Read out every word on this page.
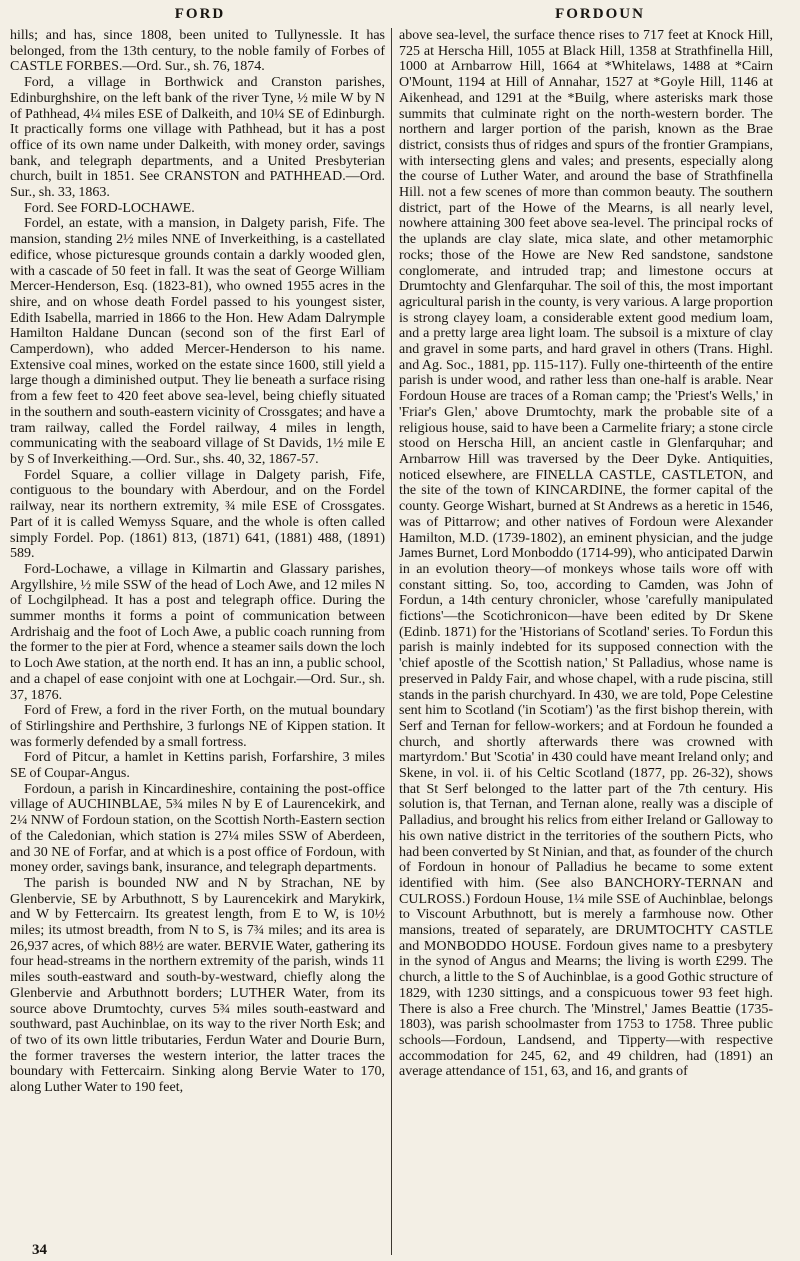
FORD	FORDOUN

hills; and has, since 1808, been united to Tullynessle. It has belonged, from the 13th century, to the noble family of Forbes of CASTLE FORBES.—Ord. Sur., sh. 76, 1874.

Ford, a village in Borthwick and Cranston parishes, Edinburghshire, on the left bank of the river Tyne, ½ mile W by N of Pathhead, 4¼ miles ESE of Dalkeith, and 10¼ SE of Edinburgh. It practically forms one village with Pathhead, but it has a post office of its own name under Dalkeith, with money order, savings bank, and telegraph departments, and a United Presbyterian church, built in 1851. See CRANSTON and PATHHEAD.—Ord. Sur., sh. 33, 1863.

Ford. See FORD-LOCHAWE.

Fordel, an estate, with a mansion, in Dalgety parish, Fife. The mansion, standing 2½ miles NNE of Inverkeithing, is a castellated edifice, whose picturesque grounds contain a darkly wooded glen, with a cascade of 50 feet in fall. It was the seat of George William Mercer-Henderson, Esq. (1823-81), who owned 1955 acres in the shire, and on whose death Fordel passed to his youngest sister, Edith Isabella, married in 1866 to the Hon. Hew Adam Dalrymple Hamilton Haldane Duncan (second son of the first Earl of Camperdown), who added Mercer-Henderson to his name. Extensive coal mines, worked on the estate since 1600, still yield a large though a diminished output. They lie beneath a surface rising from a few feet to 420 feet above sea-level, being chiefly situated in the southern and south-eastern vicinity of Crossgates; and have a tram railway, called the Fordel railway, 4 miles in length, communicating with the seaboard village of St Davids, 1½ mile E by S of Inverkeithing.—Ord. Sur., shs. 40, 32, 1867-57.

Fordel Square, a collier village in Dalgety parish, Fife, contiguous to the boundary with Aberdour, and on the Fordel railway, near its northern extremity, ¾ mile ESE of Crossgates. Part of it is called Wemyss Square, and the whole is often called simply Fordel. Pop. (1861) 813, (1871) 641, (1881) 488, (1891) 589.

Ford-Lochawe, a village in Kilmartin and Glassary parishes, Argyllshire, ½ mile SSW of the head of Loch Awe, and 12 miles N of Lochgilphead. It has a post and telegraph office. During the summer months it forms a point of communication between Ardrishaig and the foot of Loch Awe, a public coach running from the former to the pier at Ford, whence a steamer sails down the loch to Loch Awe station, at the north end. It has an inn, a public school, and a chapel of ease conjoint with one at Lochgair.—Ord. Sur., sh. 37, 1876.

Ford of Frew, a ford in the river Forth, on the mutual boundary of Stirlingshire and Perthshire, 3 furlongs NE of Kippen station. It was formerly defended by a small fortress.

Ford of Pitcur, a hamlet in Kettins parish, Forfarshire, 3 miles SE of Coupar-Angus.

Fordoun, a parish in Kincardineshire, containing the post-office village of AUCHINBLAE, 5¾ miles N by E of Laurencekirk, and 2¼ NNW of Fordoun station, on the Scottish North-Eastern section of the Caledonian, which station is 27¼ miles SSW of Aberdeen, and 30 NE of Forfar, and at which is a post office of Fordoun, with money order, savings bank, insurance, and telegraph departments.

The parish is bounded NW and N by Strachan, NE by Glenbervie, SE by Arbuthnott, S by Laurencekirk and Marykirk, and W by Fettercairn. Its greatest length, from E to W, is 10½ miles; its utmost breadth, from N to S, is 7¾ miles; and its area is 26,937 acres, of which 88½ are water. BERVIE Water, gathering its four head-streams in the northern extremity of the parish, winds 11 miles south-eastward and south-by-westward, chiefly along the Glenbervie and Arbuthnott borders; LUTHER Water, from its source above Drumtochty, curves 5¾ miles south-eastward and southward, past Auchinblae, on its way to the river North Esk; and of two of its own little tributaries, Ferdun Water and Dourie Burn, the former traverses the western interior, the latter traces the boundary with Fettercairn. Sinking along Bervie Water to 170, along Luther Water to 190 feet,

above sea-level, the surface thence rises to 717 feet at Knock Hill, 725 at Herscha Hill, 1055 at Black Hill, 1358 at Strathfinella Hill, 1000 at Arnbarrow Hill, 1664 at *Whitelaws, 1488 at *Cairn O'Mount, 1194 at Hill of Annahar, 1527 at *Goyle Hill, 1146 at Aikenhead, and 1291 at the *Builg, where asterisks mark those summits that culminate right on the north-western border. The northern and larger portion of the parish, known as the Brae district, consists thus of ridges and spurs of the frontier Grampians, with intersecting glens and vales; and presents, especially along the course of Luther Water, and around the base of Strathfinella Hill. not a few scenes of more than common beauty. The southern district, part of the Howe of the Mearns, is all nearly level, nowhere attaining 300 feet above sea-level. The principal rocks of the uplands are clay slate, mica slate, and other metamorphic rocks; those of the Howe are New Red sandstone, sandstone conglomerate, and intruded trap; and limestone occurs at Drumtochty and Glenfarquhar. The soil of this, the most important agricultural parish in the county, is very various. A large proportion is strong clayey loam, a considerable extent good medium loam, and a pretty large area light loam. The subsoil is a mixture of clay and gravel in some parts, and hard gravel in others (Trans. Highl. and Ag. Soc., 1881, pp. 115-117). Fully one-thirteenth of the entire parish is under wood, and rather less than one-half is arable. Near Fordoun House are traces of a Roman camp; the 'Priest's Wells,' in 'Friar's Glen,' above Drumtochty, mark the probable site of a religious house, said to have been a Carmelite friary; a stone circle stood on Herscha Hill, an ancient castle in Glenfarquhar; and Arnbarrow Hill was traversed by the Deer Dyke. Antiquities, noticed elsewhere, are FINELLA CASTLE, CASTLETON, and the site of the town of KINCARDINE, the former capital of the county. George Wishart, burned at St Andrews as a heretic in 1546, was of Pittarrow; and other natives of Fordoun were Alexander Hamilton, M.D. (1739-1802), an eminent physician, and the judge James Burnet, Lord Monboddo (1714-99), who anticipated Darwin in an evolution theory—of monkeys whose tails wore off with constant sitting. So, too, according to Camden, was John of Fordun, a 14th century chronicler, whose 'carefully manipulated fictions'—the Scotichronicon—have been edited by Dr Skene (Edinb. 1871) for the 'Historians of Scotland' series. To Fordun this parish is mainly indebted for its supposed connection with the 'chief apostle of the Scottish nation,' St Palladius, whose name is preserved in Paldy Fair, and whose chapel, with a rude piscina, still stands in the parish churchyard. In 430, we are told, Pope Celestine sent him to Scotland ('in Scotiam') 'as the first bishop therein, with Serf and Ternan for fellow-workers; and at Fordoun he founded a church, and shortly afterwards there was crowned with martyrdom.' But 'Scotia' in 430 could have meant Ireland only; and Skene, in vol. ii. of his Celtic Scotland (1877, pp. 26-32), shows that St Serf belonged to the latter part of the 7th century. His solution is, that Ternan, and Ternan alone, really was a disciple of Palladius, and brought his relics from either Ireland or Galloway to his own native district in the territories of the southern Picts, who had been converted by St Ninian, and that, as founder of the church of Fordoun in honour of Palladius he became to some extent identified with him. (See also BANCHORY-TERNAN and CULROSS.) Fordoun House, 1¼ mile SSE of Auchinblae, belongs to Viscount Arbuthnott, but is merely a farmhouse now. Other mansions, treated of separately, are DRUMTOCHTY CASTLE and MONBODDO HOUSE. Fordoun gives name to a presbytery in the synod of Angus and Mearns; the living is worth £299. The church, a little to the S of Auchinblae, is a good Gothic structure of 1829, with 1230 sittings, and a conspicuous tower 93 feet high. There is also a Free church. The 'Minstrel,' James Beattie (1735-1803), was parish schoolmaster from 1753 to 1758. Three public schools—Fordoun, Landsend, and Tipperty—with respective accommodation for 245, 62, and 49 children, had (1891) an average attendance of 151, 63, and 16, and grants of

34
